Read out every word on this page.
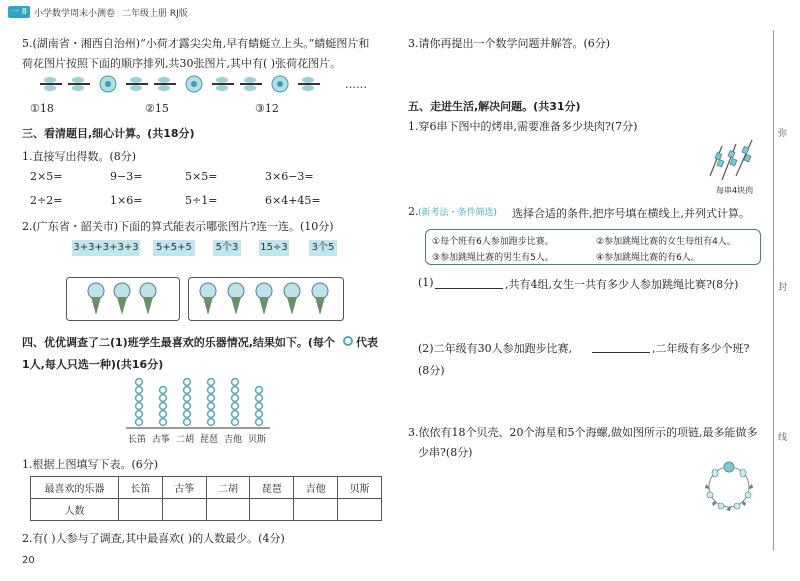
一 8 小学数学周末小测卷 二年级上册 RJ版
5.(湖南省・湘西自治州)“小荷才露尖尖角,早有蜻蜓立上头。”蜻蜓图片和
荷花图片按照下面的顺序排列,共30张图片,其中有( )张荷花图片。
……
①18	②15	③12
三、看清题目,细心计算。(共18分)
1.直接写出得数。(8分)
2×5=	9−3=	5×5=	3×6−3=
2÷2=	1×6=	5÷1=	6×4+45=
2.(广东省・韶关市)下面的算式能表示哪张图片?连一连。(10分)
3+3+3+3+3	5+5+5	5个3 15÷3 3个5
四、优优调查了二(1)班学生最喜欢的乐器情况,结果如下。(每个 代表
1人,每人只选一种)(共16分)
长笛 古筝 二胡 琵琶 吉他 贝斯
1.根据上图填写下表。(6分)
最喜欢的乐器	长笛	古筝	二胡	琵琶	吉他	贝斯
人数						
2.有( )人参与了调查,其中最喜欢( )的人数最少。(4分)
20
3.请你再提出一个数学问题并解答。(6分)
五、走进生活,解决问题。(共31分)
1.穿6串下图中的烤串,需要准备多少块肉?(7分)
每串4块肉
2. (新考法・条件筛选) 选择合适的条件,把序号填在横线上,并列式计算。
①每个班有6人参加跑步比赛。	②参加跳绳比赛的女生每组有4人。
③参加跳绳比赛的男生有5人。	④参加跳绳比赛的有6人。
(1)	,共有4组,女生一共有多少人参加跳绳比赛?(8分)
(2)二年级有30人参加跑步比赛,	,二年级有多少个班?
(8分)
3.依依有18个贝壳、20个海星和5个海螺,做如图所示的项链,最多能做多
少串?(8分)
弥
封
线
